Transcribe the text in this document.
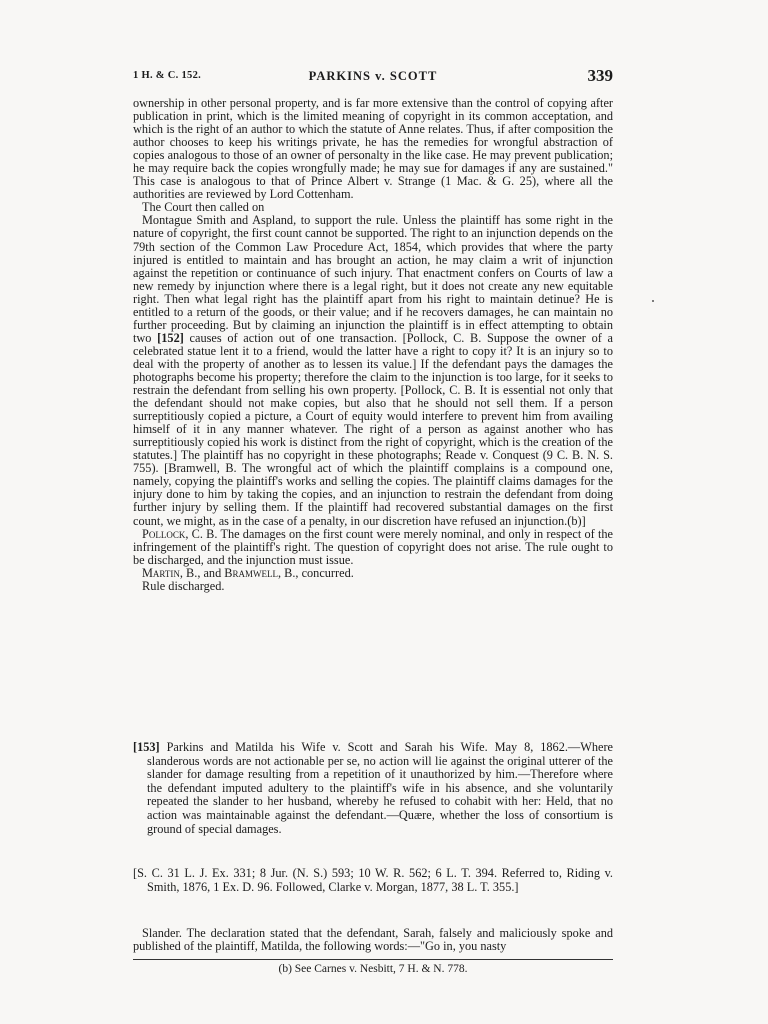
1 H. & C. 152.	PARKINS v. SCOTT	339

ownership in other personal property, and is far more extensive than the control of copying after publication in print, which is the limited meaning of copyright in its common acceptation, and which is the right of an author to which the statute of Anne relates. Thus, if after composition the author chooses to keep his writings private, he has the remedies for wrongful abstraction of copies analogous to those of an owner of personalty in the like case. He may prevent publication; he may require back the copies wrongfully made; he may sue for damages if any are sustained." This case is analogous to that of Prince Albert v. Strange (1 Mac. & G. 25), where all the authorities are reviewed by Lord Cottenham.

The Court then called on

Montague Smith and Aspland, to support the rule. Unless the plaintiff has some right in the nature of copyright, the first count cannot be supported. The right to an injunction depends on the 79th section of the Common Law Procedure Act, 1854, which provides that where the party injured is entitled to maintain and has brought an action, he may claim a writ of injunction against the repetition or continuance of such injury. That enactment confers on Courts of law a new remedy by injunction where there is a legal right, but it does not create any new equitable right. Then what legal right has the plaintiff apart from his right to maintain detinue? He is entitled to a return of the goods, or their value; and if he recovers damages, he can maintain no further proceeding. But by claiming an injunction the plaintiff is in effect attempting to obtain two [152] causes of action out of one transaction. [Pollock, C. B. Suppose the owner of a celebrated statue lent it to a friend, would the latter have a right to copy it? It is an injury so to deal with the property of another as to lessen its value.] If the defendant pays the damages the photographs become his property; therefore the claim to the injunction is too large, for it seeks to restrain the defendant from selling his own property. [Pollock, C. B. It is essential not only that the defendant should not make copies, but also that he should not sell them. If a person surreptitiously copied a picture, a Court of equity would interfere to prevent him from availing himself of it in any manner whatever. The right of a person as against another who has surreptitiously copied his work is distinct from the right of copyright, which is the creation of the statutes.] The plaintiff has no copyright in these photographs; Reade v. Conquest (9 C. B. N. S. 755). [Bramwell, B. The wrongful act of which the plaintiff complains is a compound one, namely, copying the plaintiff's works and selling the copies. The plaintiff claims damages for the injury done to him by taking the copies, and an injunction to restrain the defendant from doing further injury by selling them. If the plaintiff had recovered substantial damages on the first count, we might, as in the case of a penalty, in our discretion have refused an injunction.(b)]

Pollock, C. B. The damages on the first count were merely nominal, and only in respect of the infringement of the plaintiff's right. The question of copyright does not arise. The rule ought to be discharged, and the injunction must issue.

Martin, B., and Bramwell, B., concurred.

Rule discharged.

[153] Parkins and Matilda his Wife v. Scott and Sarah his Wife. May 8, 1862.—Where slanderous words are not actionable per se, no action will lie against the original utterer of the slander for damage resulting from a repetition of it unauthorized by him.—Therefore where the defendant imputed adultery to the plaintiff's wife in his absence, and she voluntarily repeated the slander to her husband, whereby he refused to cohabit with her: Held, that no action was maintainable against the defendant.—Quære, whether the loss of consortium is ground of special damages.

[S. C. 31 L. J. Ex. 331; 8 Jur. (N. S.) 593; 10 W. R. 562; 6 L. T. 394. Referred to, Riding v. Smith, 1876, 1 Ex. D. 96. Followed, Clarke v. Morgan, 1877, 38 L. T. 355.]

Slander. The declaration stated that the defendant, Sarah, falsely and maliciously spoke and published of the plaintiff, Matilda, the following words:—"Go in, you nasty

(b) See Carnes v. Nesbitt, 7 H. & N. 778.
